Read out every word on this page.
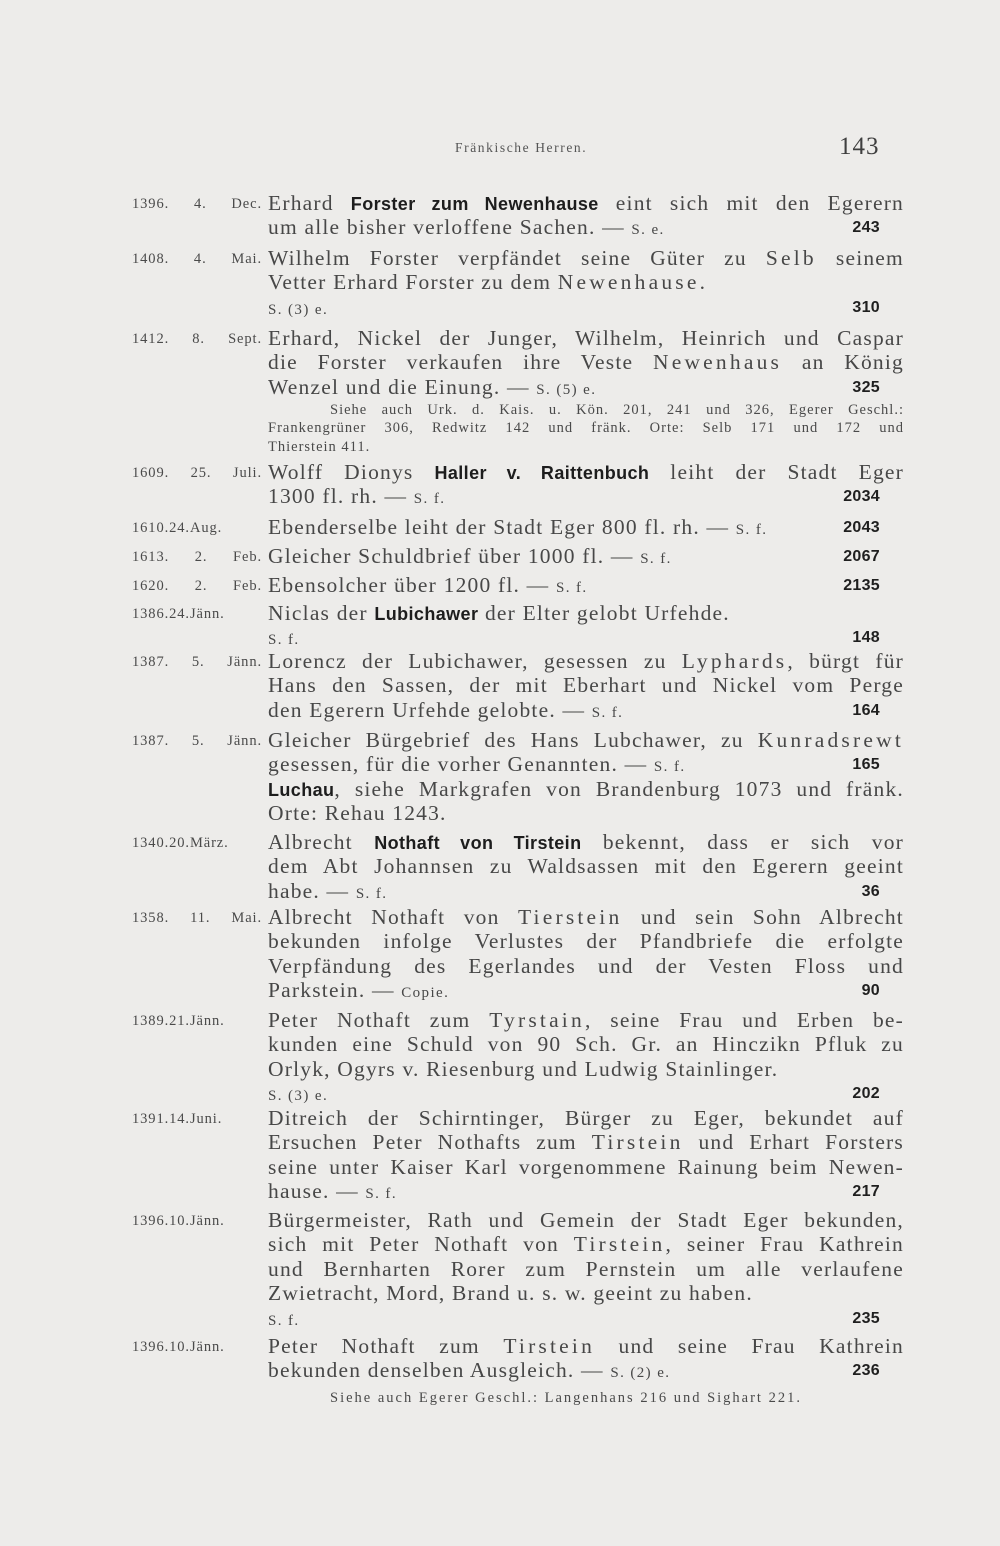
Fränkische Herren.	143
1396. 4. Dec. Erhard Forster zum Newenhause eint sich mit den Egerern
um alle bisher verloffene Sachen. — S. e.	243
1408. 4. Mai. Wilhelm Forster verpfändet seine Güter zu Selb seinem
Vetter Erhard Forster zu dem Newenhause.
S. (3) e.	310
1412. 8. Sept. Erhard, Nickel der Junger, Wilhelm, Heinrich und Caspar
die Forster verkaufen ihre Veste Newenhaus an König
Wenzel und die Einung. — S. (5) e.	325
Siehe auch Urk. d. Kais. u. Kön. 201, 241 und 326, Egerer Geschl.:
Frankengrüner 306, Redwitz 142 und fränk. Orte: Selb 171 und 172 und
Thierstein 411.
1609. 25. Juli. Wolff Dionys Haller v. Raittenbuch leiht der Stadt Eger
1300 fl. rh. — S. f.	2034
1610.24.Aug.	Ebenderselbe leiht der Stadt Eger 800 fl. rh. — S. f.	2043
1613. 2. Feb. Gleicher Schuldbrief über 1000 fl. — S. f.	2067
1620. 2. Feb. Ebensolcher über 1200 fl. — S. f.	2135
1386.24.Jänn.	Niclas der Lubichawer der Elter gelobt Urfehde.
S. f.	148
1387. 5. Jänn. Lorencz der Lubichawer, gesessen zu Lyphards, bürgt für
Hans den Sassen, der mit Eberhart und Nickel vom Perge
den Egerern Urfehde gelobte. — S. f.	164
1387. 5. Jänn. Gleicher Bürgebrief des Hans Lubchawer, zu Kunradsrewt
gesessen, für die vorher Genannten. — S. f.	165
Luchau, siehe Markgrafen von Brandenburg 1073 und fränk.
Orte: Rehau 1243.
1340.20.März.	Albrecht Nothaft von Tirstein bekennt, dass er sich vor
dem Abt Johannsen zu Waldsassen mit den Egerern geeint
habe. — S. f.	36
1358. 11. Mai. Albrecht Nothaft von Tierstein und sein Sohn Albrecht
bekunden infolge Verlustes der Pfandbriefe die erfolgte
Verpfändung des Egerlandes und der Vesten Floss und
Parkstein. — Copie.	90
1389.21.Jänn.	Peter Nothaft zum Tyrstain, seine Frau und Erben be-
kunden eine Schuld von 90 Sch. Gr. an Hinczikn Pfluk zu
Orlyk, Ogyrs v. Riesenburg und Ludwig Stainlinger.
S. (3) e.	202
1391.14.Juni.	Ditreich der Schirntinger, Bürger zu Eger, bekundet auf
Ersuchen Peter Nothafts zum Tirstein und Erhart Forsters
seine unter Kaiser Karl vorgenommene Rainung beim Newen-
hause. — S. f.	217
1396.10.Jänn.	Bürgermeister, Rath und Gemein der Stadt Eger bekunden,
sich mit Peter Nothaft von Tirstein, seiner Frau Kathrein
und Bernharten Rorer zum Pernstein um alle verlaufene
Zwietracht, Mord, Brand u. s. w. geeint zu haben.
S. f.	235
1396.10.Jänn.	Peter Nothaft zum Tirstein und seine Frau Kathrein
bekunden denselben Ausgleich. — S. (2) e.	236
Siehe auch Egerer Geschl.: Langenhans 216 und Sighart 221.
